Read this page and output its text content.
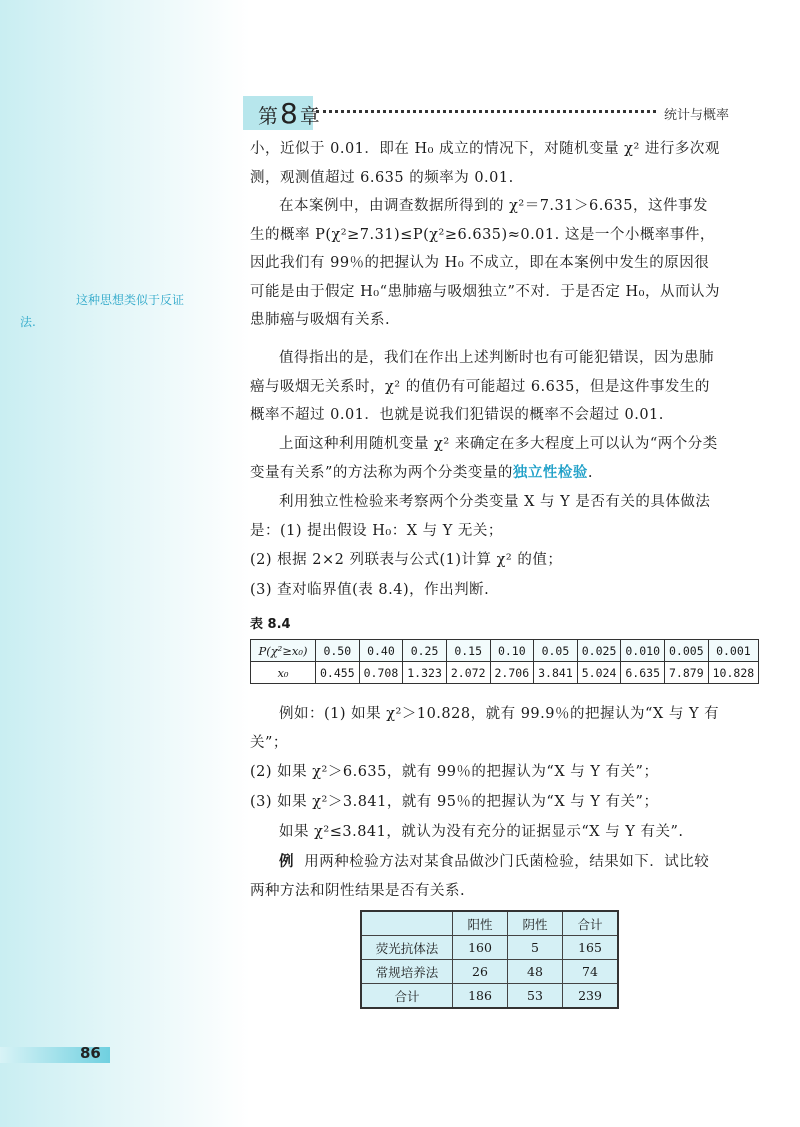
第 8 章	统计与概率
这种思想类似于反证法.
小，近似于 0.01．即在 H₀ 成立的情况下，对随机变量 χ² 进行多次观测，观测值超过 6.635 的频率为 0.01.
在本案例中，由调查数据所得到的 χ²＝7.31＞6.635，这件事发生的概率 P(χ²≥7.31)≤P(χ²≥6.635)≈0.01. 这是一个小概率事件，因此我们有 99％的把握认为 H₀ 不成立，即在本案例中发生的原因很可能是由于假定 H₀“患肺癌与吸烟独立”不对．于是否定 H₀，从而认为患肺癌与吸烟有关系.
值得指出的是，我们在作出上述判断时也有可能犯错误，因为患肺癌与吸烟无关系时，χ² 的值仍有可能超过 6.635，但是这件事发生的概率不超过 0.01．也就是说我们犯错误的概率不会超过 0.01.
上面这种利用随机变量 χ² 来确定在多大程度上可以认为“两个分类变量有关系”的方法称为两个分类变量的独立性检验.
利用独立性检验来考察两个分类变量 X 与 Y 是否有关的具体做法是：(1) 提出假设 H₀：X 与 Y 无关；
(2) 根据 2×2 列联表与公式(1)计算 χ² 的值；
(3) 查对临界值(表 8.4)，作出判断.
表 8.4
P(χ²≥x₀)	0.50	0.40	0.25	0.15	0.10	0.05	0.025	0.010	0.005	0.001
x₀	0.455	0.708	1.323	2.072	2.706	3.841	5.024	6.635	7.879	10.828
例如：(1) 如果 χ²＞10.828，就有 99.9％的把握认为“X 与 Y 有关”；
(2) 如果 χ²＞6.635，就有 99％的把握认为“X 与 Y 有关”；
(3) 如果 χ²＞3.841，就有 95％的把握认为“X 与 Y 有关”；
如果 χ²≤3.841，就认为没有充分的证据显示“X 与 Y 有关”.
例 用两种检验方法对某食品做沙门氏菌检验，结果如下．试比较两种方法和阴性结果是否有关系.
	阳性	阴性	合计
荧光抗体法	160	5	165
常规培养法	26	48	74
合计	186	53	239
86
